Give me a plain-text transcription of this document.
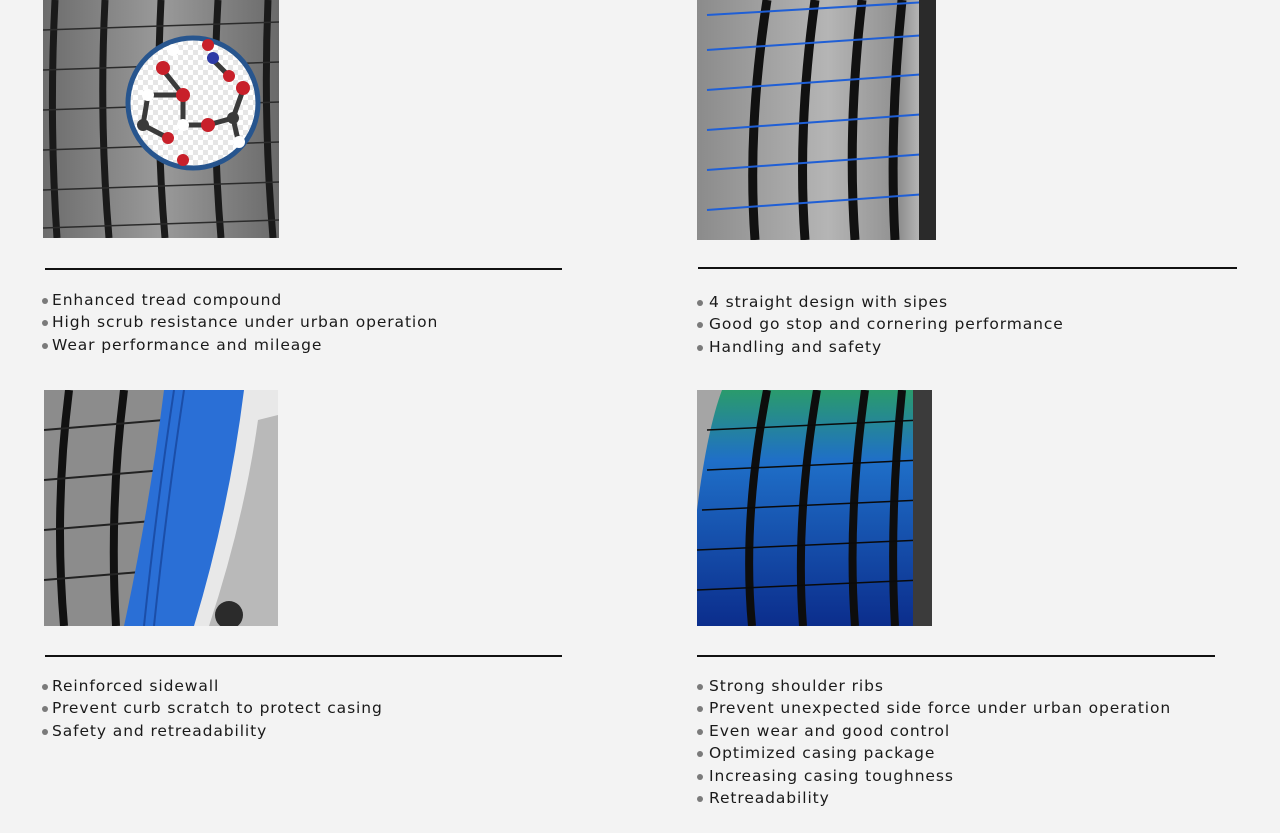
Enhanced tread compound
High scrub resistance under urban operation
Wear performance and mileage
4 straight design with sipes
Good go stop and cornering performance
Handling and safety
Reinforced sidewall
Prevent curb scratch to protect casing
Safety and retreadability
Strong shoulder ribs
Prevent unexpected side force under urban operation
Even wear and good control
Optimized casing package
Increasing casing toughness
Retreadability
